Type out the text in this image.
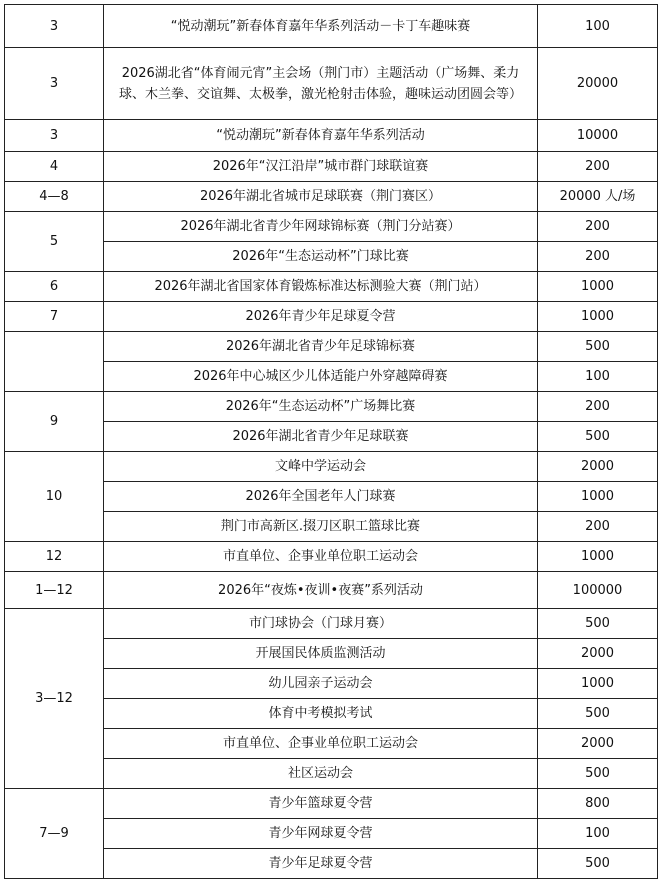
3	“悦动潮玩”新春体育嘉年华系列活动－卡丁车趣味赛	100
3	2026湖北省“体育闹元宵”主会场（荆门市）主题活动（广场舞、柔力球、木兰拳、交谊舞、太极拳，激光枪射击体验，趣味运动团圆会等）	20000
3	“悦动潮玩”新春体育嘉年华系列活动	10000
4	2026年“汉江沿岸”城市群门球联谊赛	200
4—8	2026年湖北省城市足球联赛（荆门赛区）	20000 人/场
5	2026年湖北省青少年网球锦标赛（荆门分站赛）	200
	2026年“生态运动杯”门球比赛	200
6	2026年湖北省国家体育锻炼标准达标测验大赛（荆门站）	1000
7	2026年青少年足球夏令营	1000
	2026年湖北省青少年足球锦标赛	500
	2026年中心城区少儿体适能户外穿越障碍赛	100
9	2026年“生态运动杯”广场舞比赛	200
	2026年湖北省青少年足球联赛	500
10	文峰中学运动会	2000
	2026年全国老年人门球赛	1000
	荆门市高新区.掇刀区职工篮球比赛	200
12	市直单位、企事业单位职工运动会	1000
1—12	2026年“夜炼•夜训•夜赛”系列活动	100000
3—12	市门球协会（门球月赛）	500
	开展国民体质监测活动	2000
	幼儿园亲子运动会	1000
	体育中考模拟考试	500
	市直单位、企事业单位职工运动会	2000
	社区运动会	500
7—9	青少年篮球夏令营	800
	青少年网球夏令营	100
	青少年足球夏令营	500
